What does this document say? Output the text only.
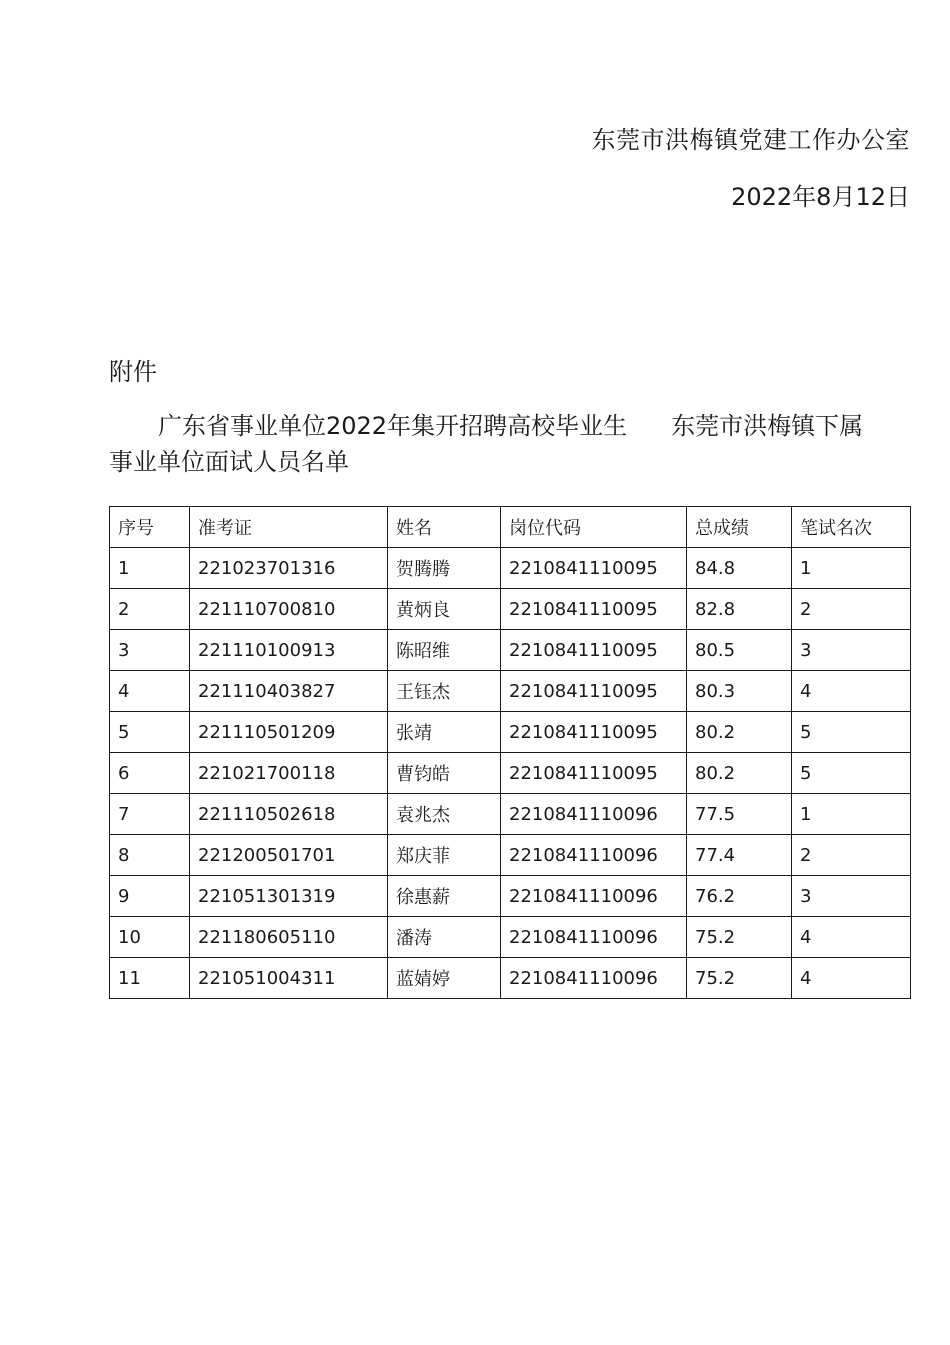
东莞市洪梅镇党建工作办公室
2022年8月12日
附件
广东省事业单位2022年集开招聘高校毕业生 东莞市洪梅镇下属
事业单位面试人员名单
序号	准考证	姓名	岗位代码	总成绩	笔试名次
1	221023701316	贺腾腾	2210841110095	84.8	1
2	221110700810	黄炳良	2210841110095	82.8	2
3	221110100913	陈昭维	2210841110095	80.5	3
4	221110403827	王钰杰	2210841110095	80.3	4
5	221110501209	张靖	2210841110095	80.2	5
6	221021700118	曹钧皓	2210841110095	80.2	5
7	221110502618	袁兆杰	2210841110096	77.5	1
8	221200501701	郑庆菲	2210841110096	77.4	2
9	221051301319	徐惠薪	2210841110096	76.2	3
10	221180605110	潘涛	2210841110096	75.2	4
11	221051004311	蓝婧婷	2210841110096	75.2	4
